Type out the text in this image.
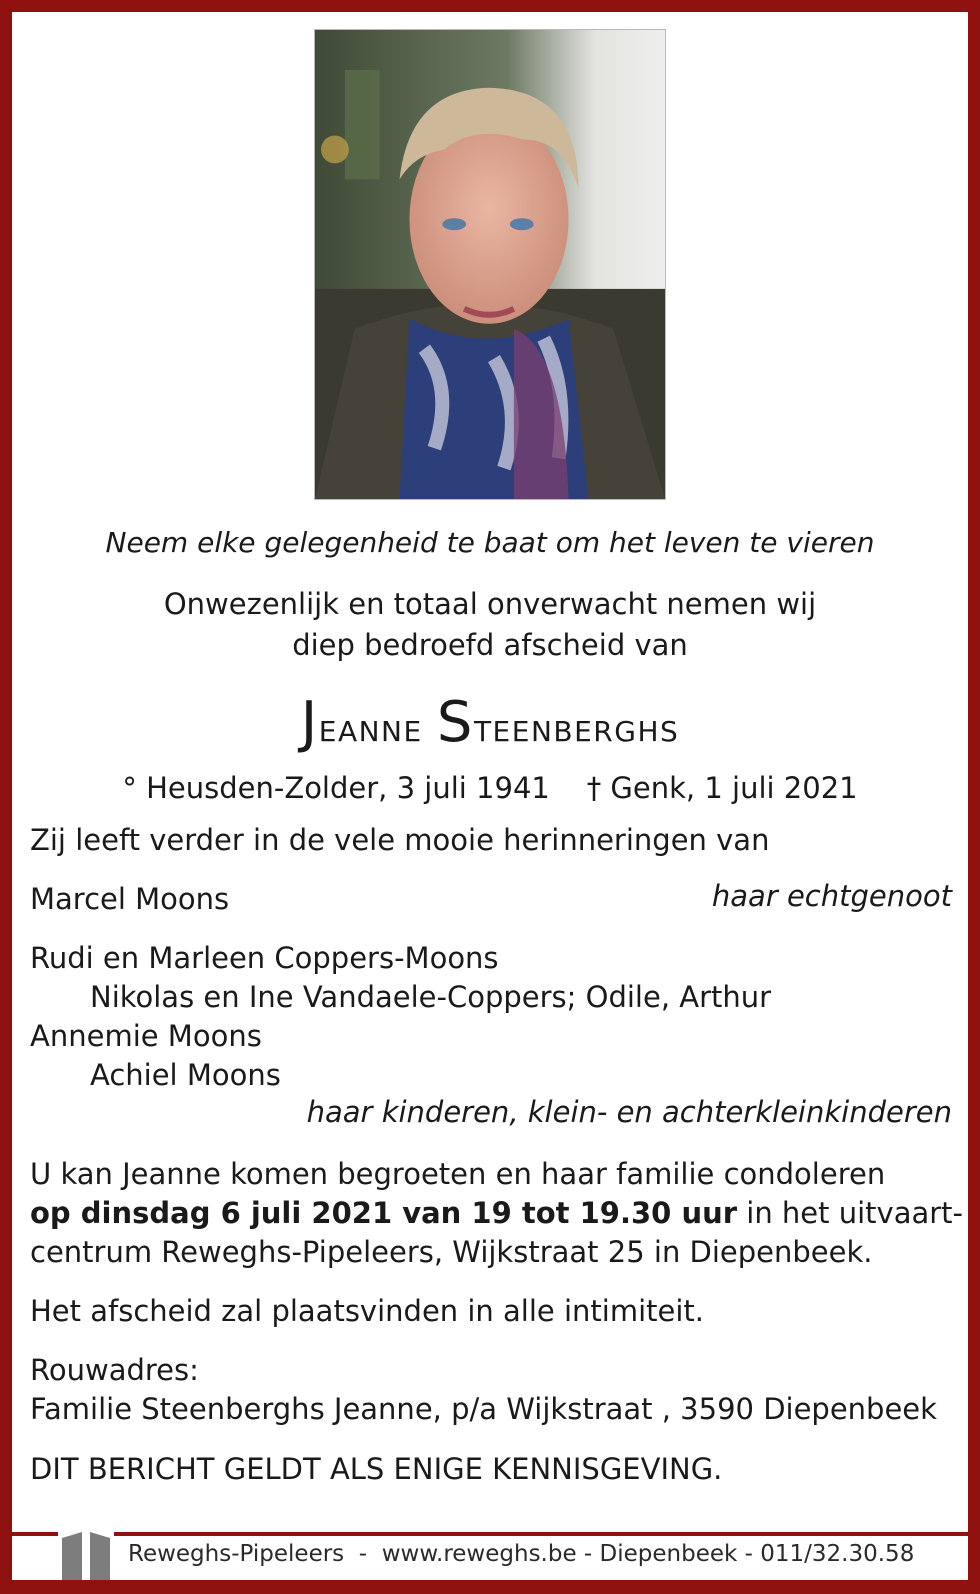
Neem elke gelegenheid te baat om het leven te vieren
Onwezenlijk en totaal onverwacht nemen wij
diep bedroefd afscheid van
Jeanne Steenberghs
° Heusden-Zolder, 3 juli 1941 † Genk, 1 juli 2021
Zij leeft verder in de vele mooie herinneringen van
Marcel Moons	haar echtgenoot
Rudi en Marleen Coppers-Moons
Nikolas en Ine Vandaele-Coppers; Odile, Arthur
Annemie Moons
Achiel Moons
haar kinderen, klein- en achterkleinkinderen
U kan Jeanne komen begroeten en haar familie condoleren
op dinsdag 6 juli 2021 van 19 tot 19.30 uur in het uitvaart-
centrum Reweghs-Pipeleers, Wijkstraat 25 in Diepenbeek.
Het afscheid zal plaatsvinden in alle intimiteit.
Rouwadres:
Familie Steenberghs Jeanne, p/a Wijkstraat , 3590 Diepenbeek
DIT BERICHT GELDT ALS ENIGE KENNISGEVING.
Reweghs-Pipeleers  -  www.reweghs.be - Diepenbeek - 011/32.30.58
